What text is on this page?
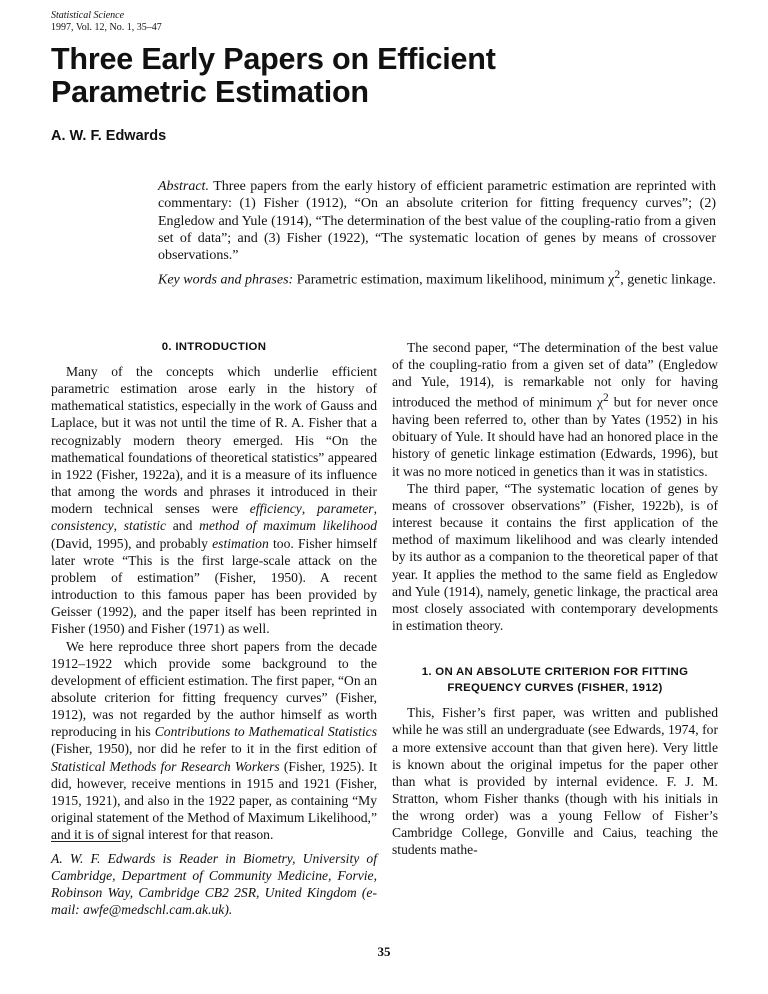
Statistical Science
1997, Vol. 12, No. 1, 35–47
Three Early Papers on Efficient
Parametric Estimation
A. W. F. Edwards
Abstract. Three papers from the early history of efficient parametric estimation are reprinted with commentary: (1) Fisher (1912), “On an absolute criterion for fitting frequency curves”; (2) Engledow and Yule (1914), “The determination of the best value of the coupling-ratio from a given set of data”; and (3) Fisher (1922), “The systematic location of genes by means of crossover observations.”
Key words and phrases: Parametric estimation, maximum likelihood, minimum $\chi^2$, genetic linkage.
0. INTRODUCTION

Many of the concepts which underlie efficient parametric estimation arose early in the history of mathematical statistics, especially in the work of Gauss and Laplace, but it was not until the time of R. A. Fisher that a recognizably modern theory emerged. His “On the mathematical foundations of theoretical statistics” appeared in 1922 (Fisher, 1922a), and it is a measure of its influence that among the words and phrases it introduced in their modern technical senses were efficiency, parameter, consistency, statistic and method of maximum likelihood (David, 1995), and probably estimation too. Fisher himself later wrote “This is the first large-scale attack on the problem of estimation” (Fisher, 1950). A recent introduction to this famous paper has been provided by Geisser (1992), and the paper itself has been reprinted in Fisher (1950) and Fisher (1971) as well.

We here reproduce three short papers from the decade 1912–1922 which provide some background to the development of efficient estimation. The first paper, “On an absolute criterion for fitting frequency curves” (Fisher, 1912), was not regarded by the author himself as worth reproducing in his Contributions to Mathematical Statistics (Fisher, 1950), nor did he refer to it in the first edition of Statistical Methods for Research Workers (Fisher, 1925). It did, however, receive mentions in 1915 and 1921 (Fisher, 1915, 1921), and also in the 1922 paper, as containing “My original statement of the Method of Maximum Likelihood,” and it is of signal interest for that reason.

The second paper, “The determination of the best value of the coupling-ratio from a given set of data” (Engledow and Yule, 1914), is remarkable not only for having introduced the method of minimum $\chi^2$ but for never once having been referred to, other than by Yates (1952) in his obituary of Yule. It should have had an honored place in the history of genetic linkage estimation (Edwards, 1996), but it was no more noticed in genetics than it was in statistics.

The third paper, “The systematic location of genes by means of crossover observations” (Fisher, 1922b), is of interest because it contains the first application of the method of maximum likelihood and was clearly intended by its author as a companion to the theoretical paper of that year. It applies the method to the same field as Engledow and Yule (1914), namely, genetic linkage, the practical area most closely associated with contemporary developments in estimation theory.

1. ON AN ABSOLUTE CRITERION FOR FITTING
FREQUENCY CURVES (FISHER, 1912)

This, Fisher’s first paper, was written and published while he was still an undergraduate (see Edwards, 1974, for a more extensive account than that given here). Very little is known about the original impetus for the paper other than what is provided by internal evidence. F. J. M. Stratton, whom Fisher thanks (though with his initials in the wrong order) was a young Fellow of Fisher’s Cambridge College, Gonville and Caius, teaching the students mathe-

A. W. F. Edwards is Reader in Biometry, University of Cambridge, Department of Community Medicine, Forvie, Robinson Way, Cambridge CB2 2SR, United Kingdom (e-mail: awfe@medschl.cam.ak.uk).
35
